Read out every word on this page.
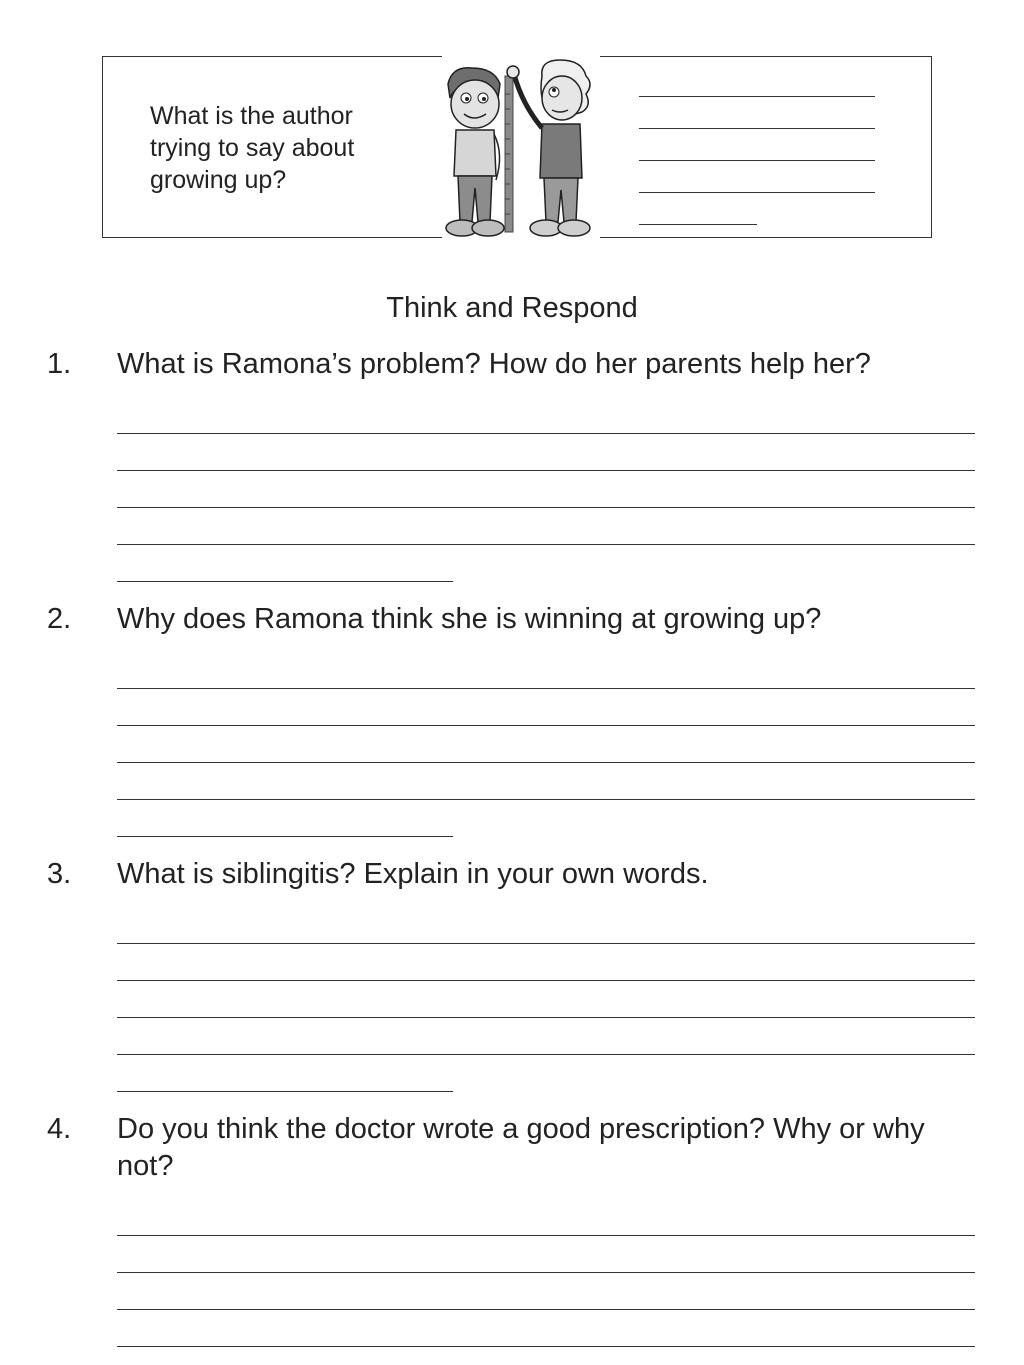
What is the author
trying to say about
growing up?
Think and Respond
1. What is Ramona’s problem? How do her parents help her?
2. Why does Ramona think she is winning at growing up?
3. What is siblingitis? Explain in your own words.
4. Do you think the doctor wrote a good prescription? Why or why
not?
